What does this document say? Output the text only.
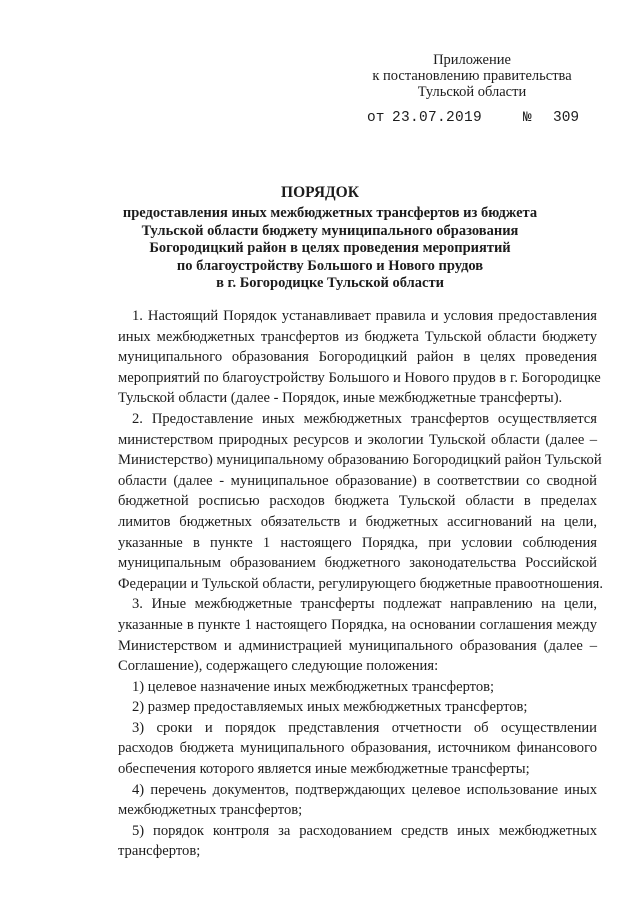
Приложение
к постановлению правительства
Тульской области
от 23.07.2019	№ 309
ПОРЯДОК
предоставления иных межбюджетных трансфертов из бюджета
Тульской области бюджету муниципального образования
Богородицкий район в целях проведения мероприятий
по благоустройству Большого и Нового прудов
в г. Богородицке Тульской области
1. Настоящий Порядок устанавливает правила и условия предоставления
иных межбюджетных трансфертов из бюджета Тульской области бюджету
муниципального образования Богородицкий район в целях проведения
мероприятий по благоустройству Большого и Нового прудов в г. Богородицке
Тульской области (далее - Порядок, иные межбюджетные трансферты).
2. Предоставление иных межбюджетных трансфертов осуществляется
министерством природных ресурсов и экологии Тульской области (далее –
Министерство) муниципальному образованию Богородицкий район Тульской
области (далее - муниципальное образование) в соответствии со сводной
бюджетной росписью расходов бюджета Тульской области в пределах
лимитов бюджетных обязательств и бюджетных ассигнований на цели,
указанные в пункте 1 настоящего Порядка, при условии соблюдения
муниципальным образованием бюджетного законодательства Российской
Федерации и Тульской области, регулирующего бюджетные правоотношения.
3. Иные межбюджетные трансферты подлежат направлению на цели,
указанные в пункте 1 настоящего Порядка, на основании соглашения между
Министерством и администрацией муниципального образования (далее –
Соглашение), содержащего следующие положения:
1) целевое назначение иных межбюджетных трансфертов;
2) размер предоставляемых иных межбюджетных трансфертов;
3) сроки и порядок представления отчетности об осуществлении
расходов бюджета муниципального образования, источником финансового
обеспечения которого является иные межбюджетные трансферты;
4) перечень документов, подтверждающих целевое использование иных
межбюджетных трансфертов;
5) порядок контроля за расходованием средств иных межбюджетных
трансфертов;
